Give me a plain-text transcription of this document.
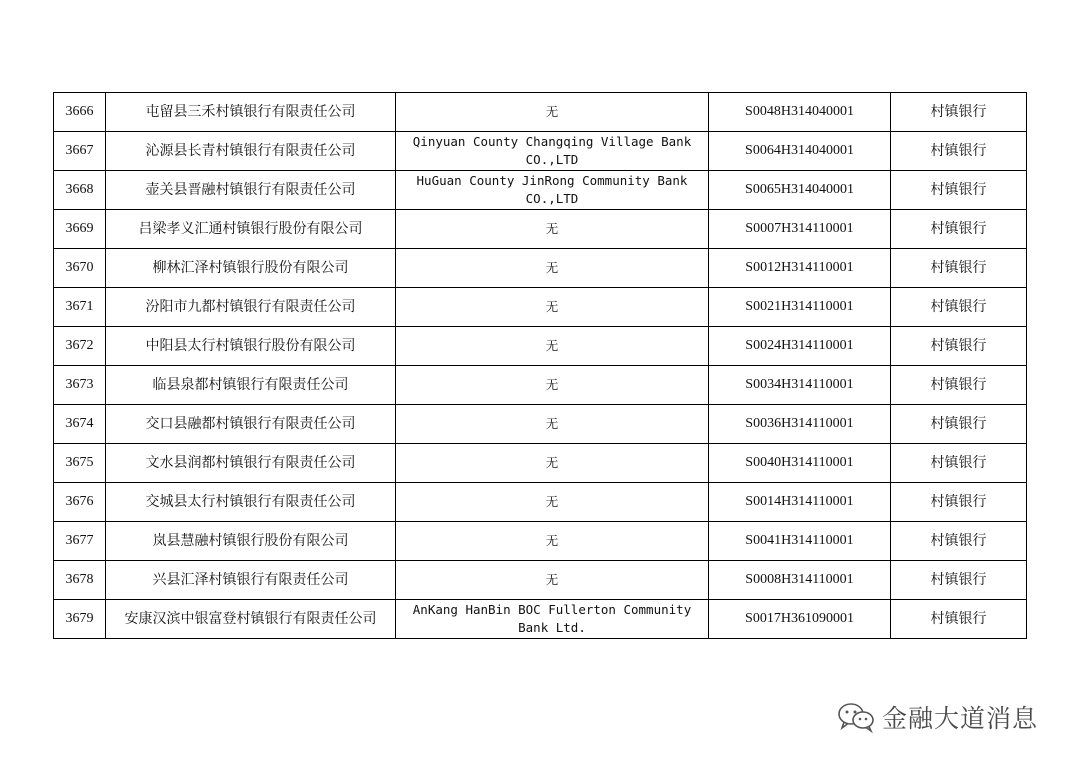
3666	屯留县三禾村镇银行有限责任公司	无	S0048H314040001	村镇银行
3667	沁源县长青村镇银行有限责任公司	Qinyuan County Changqing Village Bank CO.,LTD	S0064H314040001	村镇银行
3668	壶关县晋融村镇银行有限责任公司	HuGuan County JinRong Community Bank CO.,LTD	S0065H314040001	村镇银行
3669	吕梁孝义汇通村镇银行股份有限公司	无	S0007H314110001	村镇银行
3670	柳林汇泽村镇银行股份有限公司	无	S0012H314110001	村镇银行
3671	汾阳市九都村镇银行有限责任公司	无	S0021H314110001	村镇银行
3672	中阳县太行村镇银行股份有限公司	无	S0024H314110001	村镇银行
3673	临县泉都村镇银行有限责任公司	无	S0034H314110001	村镇银行
3674	交口县融都村镇银行有限责任公司	无	S0036H314110001	村镇银行
3675	文水县润都村镇银行有限责任公司	无	S0040H314110001	村镇银行
3676	交城县太行村镇银行有限责任公司	无	S0014H314110001	村镇银行
3677	岚县慧融村镇银行股份有限公司	无	S0041H314110001	村镇银行
3678	兴县汇泽村镇银行有限责任公司	无	S0008H314110001	村镇银行
3679	安康汉滨中银富登村镇银行有限责任公司	AnKang HanBin BOC Fullerton Community Bank Ltd.	S0017H361090001	村镇银行
金融大道消息
